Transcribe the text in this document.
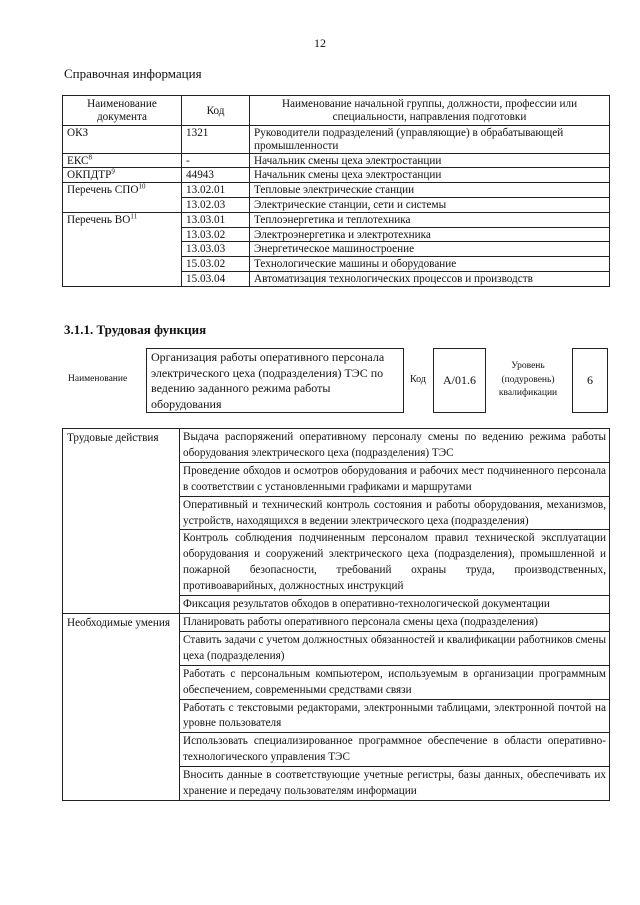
12
Справочная информация
Наименование документа	Код	Наименование начальной группы, должности, профессии или специальности, направления подготовки
ОКЗ	1321	Руководители подразделений (управляющие) в обрабатывающей промышленности
ЕКС$^8$	-	Начальник смены цеха электростанции
ОКПДТР$^9$	44943	Начальник смены цеха электростанции
Перечень СПО$^{10}$	13.02.01	Тепловые электрические станции
	13.02.03	Электрические станции, сети и системы
Перечень ВО$^{11}$	13.03.01	Теплоэнергетика и теплотехника
	13.03.02	Электроэнергетика и электротехника
	13.03.03	Энергетическое машиностроение
	15.03.02	Технологические машины и оборудование
	15.03.04	Автоматизация технологических процессов и производств
3.1.1. Трудовая функция
Наименование
Организация работы оперативного персонала электрического цеха (подразделения) ТЭС по ведению заданного режима работы оборудования
Код А/01.6
Уровень (подуровень) квалификации
6
Трудовые действия	Выдача распоряжений оперативному персоналу смены по ведению режима работы оборудования электрического цеха (подразделения) ТЭС
	Проведение обходов и осмотров оборудования и рабочих мест подчиненного персонала в соответствии с установленными графиками и маршрутами
	Оперативный и технический контроль состояния и работы оборудования, механизмов, устройств, находящихся в ведении электрического цеха (подразделения)
	Контроль соблюдения подчиненным персоналом правил технической эксплуатации оборудования и сооружений электрического цеха (подразделения), промышленной и пожарной безопасности, требований охраны труда, производственных, противоаварийных, должностных инструкций
	Фиксация результатов обходов в оперативно-технологической документации
Необходимые умения	Планировать работы оперативного персонала смены цеха (подразделения)
	Ставить задачи с учетом должностных обязанностей и квалификации работников смены цеха (подразделения)
	Работать с персональным компьютером, используемым в организации программным обеспечением, современными средствами связи
	Работать с текстовыми редакторами, электронными таблицами, электронной почтой на уровне пользователя
	Использовать специализированное программное обеспечение в области оперативно-технологического управления ТЭС
	Вносить данные в соответствующие учетные регистры, базы данных, обеспечивать их хранение и передачу пользователям информации
